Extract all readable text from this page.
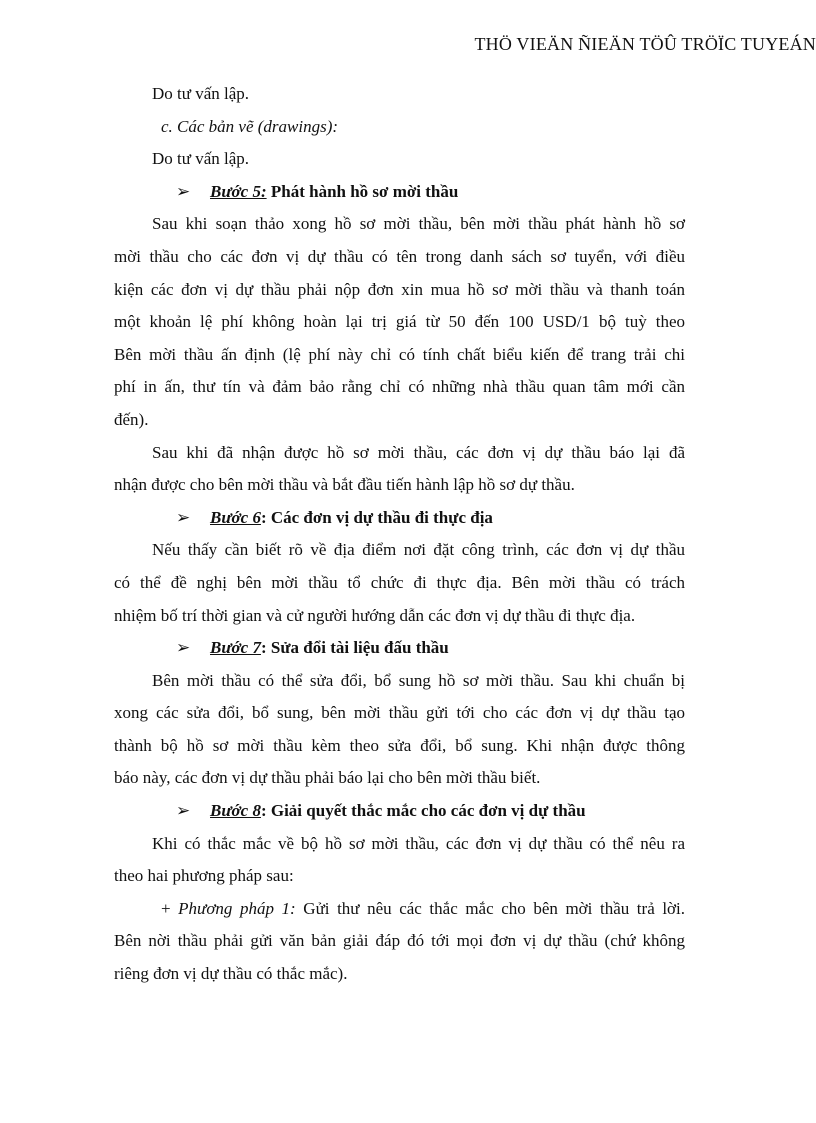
THÖ VIEÄN ÑIEÄN TÖÛ TRÖÏC TUYEÁN

Do tư vấn lập.

c. Các bản vẽ (drawings):

Do tư vấn lập.

➢ Bước 5: Phát hành hồ sơ mời thầu

Sau khi soạn thảo xong hồ sơ mời thầu, bên mời thầu phát hành hồ sơ

mời thầu cho các đơn vị dự thầu có tên trong danh sách sơ tuyển, với điều

kiện các đơn vị dự thầu phải nộp đơn xin mua hồ sơ mời thầu và thanh toán

một khoản lệ phí không hoàn lại trị giá từ 50 đến 100 USD/1 bộ tuỳ theo

Bên mời thầu ấn định (lệ phí này chỉ có tính chất biểu kiến để trang trải chi

phí in ấn, thư tín và đảm bảo rằng chỉ có những nhà thầu quan tâm mới cần

đến).

Sau khi đã nhận được hồ sơ mời thầu, các đơn vị dự thầu báo lại đã

nhận được cho bên mời thầu và bắt đầu tiến hành lập hồ sơ dự thầu.

➢ Bước 6: Các đơn vị dự thầu đi thực địa

Nếu thấy cần biết rõ về địa điểm nơi đặt công trình, các đơn vị dự thầu

có thể đề nghị bên mời thầu tổ chức đi thực địa. Bên mời thầu có trách

nhiệm bố trí thời gian và cử người hướng dẫn các đơn vị dự thầu đi thực địa.

➢ Bước 7: Sửa đổi tài liệu đấu thầu

Bên mời thầu có thể sửa đổi, bổ sung hồ sơ mời thầu. Sau khi chuẩn bị

xong các sửa đổi, bổ sung, bên mời thầu gửi tới cho các đơn vị dự thầu tạo

thành bộ hồ sơ mời thầu kèm theo sửa đổi, bổ sung. Khi nhận được thông

báo này, các đơn vị dự thầu phải báo lại cho bên mời thầu biết.

➢ Bước 8: Giải quyết thắc mắc cho các đơn vị dự thầu

Khi có thắc mắc về bộ hồ sơ mời thầu, các đơn vị dự thầu có thể nêu ra

theo hai phương pháp sau:

+ Phương pháp 1: Gửi thư nêu các thắc mắc cho bên mời thầu trả lời.

Bên nời thầu phải gửi văn bản giải đáp đó tới mọi đơn vị dự thầu (chứ không

riêng đơn vị dự thầu có thắc mắc).
